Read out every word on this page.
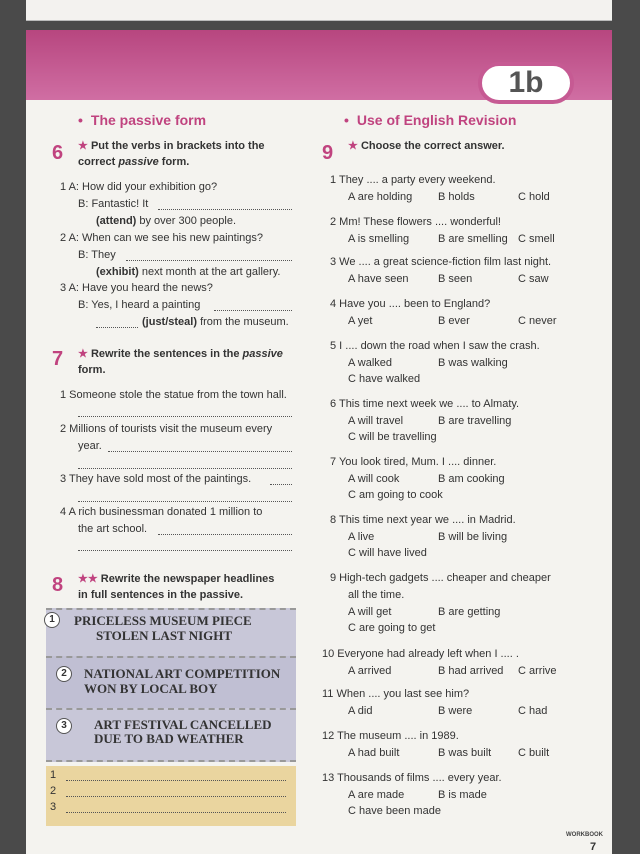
1b
• The passive form
6 ★ Put the verbs in brackets into the
correct passive form.
1 A: How did your exhibition go?
B: Fantastic! It
(attend) by over 300 people.
2 A: When can we see his new paintings?
B: They
(exhibit) next month at the art gallery.
3 A: Have you heard the news?
B: Yes, I heard a painting
(just/steal) from the museum.
7 ★ Rewrite the sentences in the passive
form.
1 Someone stole the statue from the town hall.
2 Millions of tourists visit the museum every
year.
3 They have sold most of the paintings.
4 A rich businessman donated 1 million to
the art school.
8 ★★ Rewrite the newspaper headlines
in full sentences in the passive.
1	PRICELESS MUSEUM PIECE
STOLEN LAST NIGHT
2	NATIONAL ART COMPETITION
WON BY LOCAL BOY
3	ART FESTIVAL CANCELLED
DUE TO BAD WEATHER
1
2
3
• Use of English Revision
9 ★ Choose the correct answer.
WORKBOOK
7
1 They .... a party every weekend.
A are holding B holds	C hold
2 Mm! These flowers .... wonderful!
A is smelling	B are smelling C smell
3 We .... a great science-fiction film last night.
A have seen	B seen	C saw
4 Have you .... been to England?
A yet	B ever	C never
5 I .... down the road when I saw the crash.
A walked	B was walking
C have walked
6 This time next week we .... to Almaty.
A will travel	B are travelling
C will be travelling
7 You look tired, Mum. I .... dinner.
A will cook	B am cooking
C am going to cook
8 This time next year we .... in Madrid.
A live	B will be living
C will have lived
9 High-tech gadgets .... cheaper and cheaper
all the time.
A will get	B are getting
C are going to get
10 Everyone had already left when I .... .
A arrived	B had arrived C arrive
11 When .... you last see him?
A did	B were	C had
12 The museum .... in 1989.
A had built	B was built C built
13 Thousands of films .... every year.
A are made	B is made
C have been made
